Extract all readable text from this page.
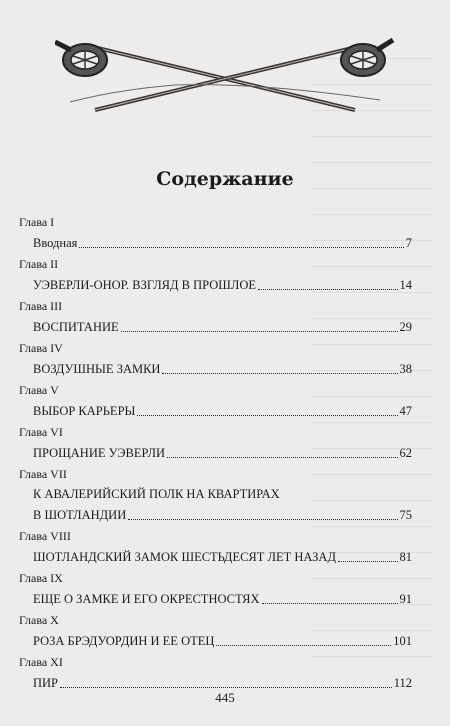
Содержание
Глава I
Вводная	7
Глава II
УЭВЕРЛИ-ОНОР. ВЗГЛЯД В ПРОШЛОЕ	14
Глава III
ВОСПИТАНИЕ	29
Глава IV
ВОЗДУШНЫЕ ЗАМКИ	38
Глава V
ВЫБОР КАРЬЕРЫ	47
Глава VI
ПРОЩАНИЕ УЭВЕРЛИ	62
Глава VII
К АВАЛЕРИЙСКИЙ ПОЛК НА КВАРТИРАХ
В ШОТЛАНДИИ	75
Глава VIII
ШОТЛАНДСКИЙ ЗАМОК ШЕСТЬДЕСЯТ ЛЕТ НАЗАД	81
Глава IX
ЕЩЕ О ЗАМКЕ И ЕГО ОКРЕСТНОСТЯХ	91
Глава X
РОЗА БРЭДУОРДИН И ЕЕ ОТЕЦ	101
Глава XI
ПИР	112
445
